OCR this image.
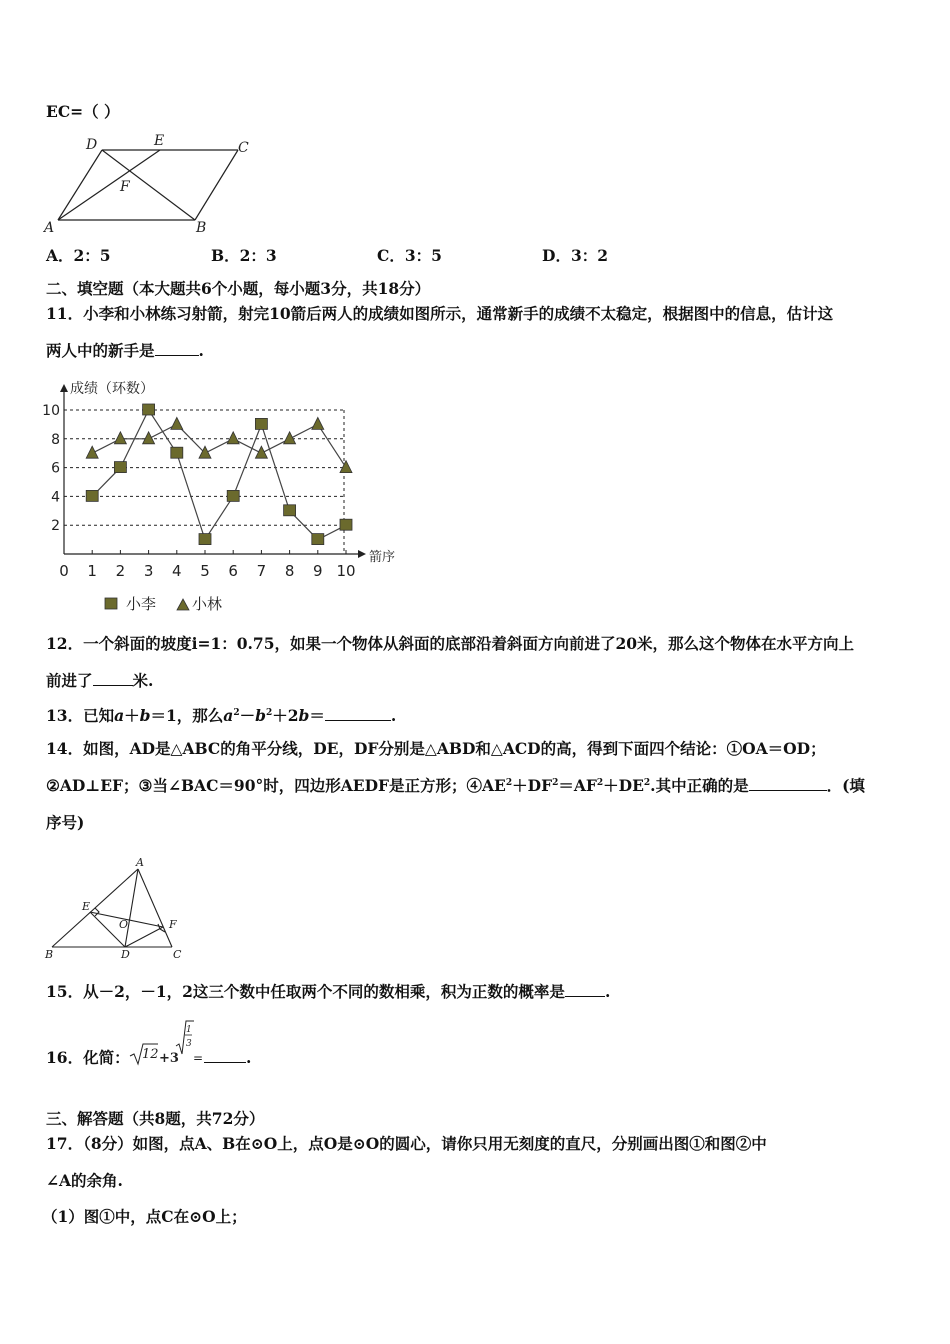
EC=（ ）
A	B
C
D	E
F
A．2：5	B．2：3	C．3：5	D．3：2
二、填空题（本大题共6个小题，每小题3分，共18分）
11．小李和小林练习射箭，射完10箭后两人的成绩如图所示，通常新手的成绩不太稳定，根据图中的信息，估计这
两人中的新手是	.
0 1 2 3 4 5 6 7 8 9 10
2
4
6
8
10
成绩（环数）
箭序
小李 小林
12．一个斜面的坡度i=1：0.75，如果一个物体从斜面的底部沿着斜面方向前进了20米，那么这个物体在水平方向上
前进了	米.
13．已知a＋b＝1，那么$a^2-b^2+2b=$	.
14．如图，AD是△ABC的角平分线，DE，DF分别是△ABD和△ACD的高，得到下面四个结论：①OA＝OD；
②AD⊥EF；③当∠BAC＝90°时，四边形AEDF是正方形；$④AE^2+DF^2=AF^2+DE^2$.其中正确的是	．(填
序号)
A
B	C
D
E
F
O
15．从－2，－1，2这三个数中任取两个不同的数相乘，积为正数的概率是	.
16．化简： 12 +3
1
3
=	.
三、解答题（共8题，共72分）
17．（8分）如图，点A、B在⊙O上，点O是⊙O的圆心，请你只用无刻度的直尺，分别画出图①和图②中
∠A的余角.
（1）图①中，点C在⊙O上；
